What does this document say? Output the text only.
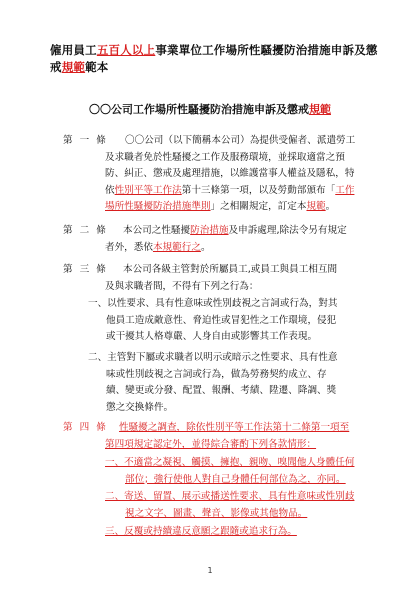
僱用員工五百人以上事業單位工作場所性騷擾防治措施申訴及懲戒規範範本
〇〇公司工作場所性騷擾防治措施申訴及懲戒規範
第 一 條 〇〇公司（以下簡稱本公司）為提供受僱者、派遣勞工
及求職者免於性騷擾之工作及服務環境，並採取適當之預
防、糾正、懲戒及處理措施，以維護當事人權益及隱私，特
依性別平等工作法第十三條第一項，以及勞動部頒布「工作
場所性騷擾防治措施準則」之相關規定，訂定本規範。
第 二 條 本公司之性騷擾防治措施及申訴處理,除法令另有規定
者外，悉依本規範行之。
第 三 條 本公司各級主管對於所屬員工,或員工與員工相互間
及與求職者間，不得有下列之行為：
一、以性要求、具有性意味或性別歧視之言詞或行為，對其
他員工造成敵意性、脅迫性或冒犯性之工作環境，侵犯
或干擾其人格尊嚴、人身自由或影響其工作表現。
二、主管對下屬或求職者以明示或暗示之性要求、具有性意
味或性別歧視之言詞或行為，做為勞務契約成立、存
續、變更或分發、配置、報酬、考績、陞遷、降調、獎
懲之交換條件。
第 四 條 性騷擾之調查，除依性別平等工作法第十二條第一項至
第四項規定認定外，並得綜合審酌下列各款情形：
一、不適當之凝視、觸摸、擁抱、親吻、嗅聞他人身體任何
部位；強行使他人對自己身體任何部位為之，亦同。
二、寄送、留置、展示或播送性要求、具有性意味或性別歧
視之文字、圖畫、聲音、影像或其他物品。
三、反覆或持續違反意願之跟隨或追求行為。
1
